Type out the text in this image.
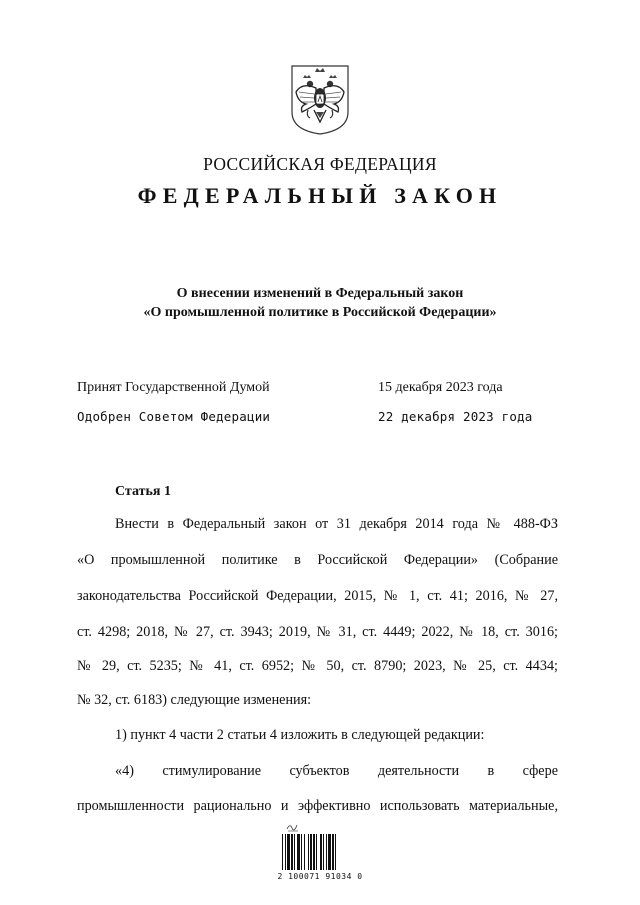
РОССИЙСКАЯ ФЕДЕРАЦИЯ
ФЕДЕРАЛЬНЫЙ ЗАКОН
О внесении изменений в Федеральный закон
«О промышленной политике в Российской Федерации»
Принят Государственной Думой	15 декабря 2023 года
Одобрен Советом Федерации	22 декабря 2023 года
Статья 1
Внести в Федеральный закон от 31 декабря 2014 года № 488-ФЗ
«О промышленной политике в Российской Федерации» (Собрание
законодательства Российской Федерации, 2015, № 1, ст. 41; 2016, № 27,
ст. 4298; 2018, № 27, ст. 3943; 2019, № 31, ст. 4449; 2022, № 18, ст. 3016;
№ 29, ст. 5235; № 41, ст. 6952; № 50, ст. 8790; 2023, № 25, ст. 4434;
№ 32, ст. 6183) следующие изменения:
1) пункт 4 части 2 статьи 4 изложить в следующей редакции:
«4) стимулирование субъектов деятельности в сфере
промышленности рационально и эффективно использовать материальные,
2 100071 91034 0
